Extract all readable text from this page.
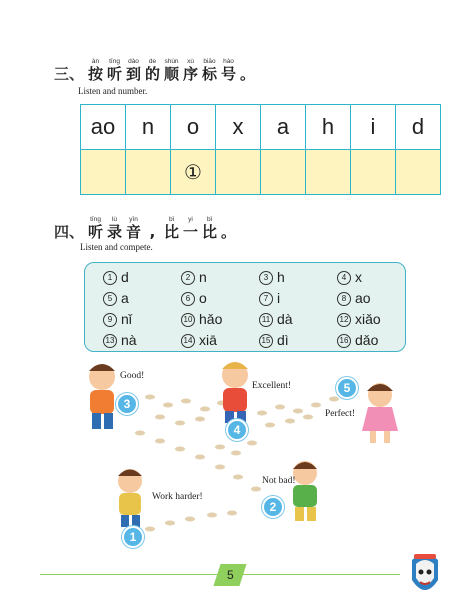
三、
àn
按
tīng
听
dào
到
de
的
shùn
顺
xù
序
biāo
标
hào
号 。
Listen and number.
ao	n	o	x	a	h	i	d
		①					
四、
tīng
听
lù
录
yīn
音 ,
bǐ
比
yi
一
bǐ
比 。
Listen and compete.
1 d	2 n	3 h	4 x
5 a	6 o	7 i	8 ao
9 nǐ	10 hǎo	11 dà	12 xiǎo
13 nà	14 xiā	15 dì	16 dǎo
3
4
5
2
1
Good!
Excellent!
Perfect!
Not bad!
Work harder!
5
